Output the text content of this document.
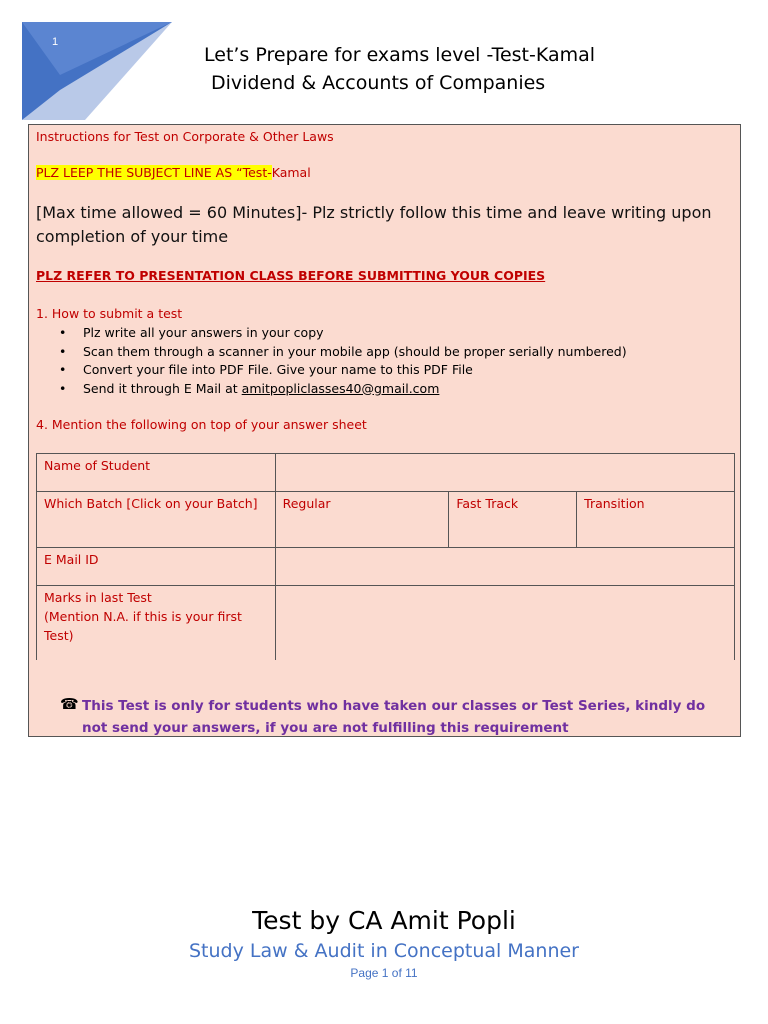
1
Let’s Prepare for exams level -Test-Kamal
Dividend & Accounts of Companies
Instructions for Test on Corporate & Other Laws
PLZ LEEP THE SUBJECT LINE AS “Test-Kamal
[Max time allowed = 60 Minutes]- Plz strictly follow this time and leave writing upon completion of your time
PLZ REFER TO PRESENTATION CLASS BEFORE SUBMITTING YOUR COPIES
1. How to submit a test
• Plz write all your answers in your copy
• Scan them through a scanner in your mobile app (should be proper serially numbered)
• Convert your file into PDF File. Give your name to this PDF File
• Send it through E Mail at amitpopliclasses40@gmail.com
4. Mention the following on top of your answer sheet
Name of Student			
Which Batch [Click on your Batch]	Regular	Fast Track	Transition
E Mail ID			
Marks in last Test
(Mention N.A. if this is your first Test)			
☎ This Test is only for students who have taken our classes or Test Series, kindly do not send your answers, if you are not fulfilling this requirement
Test by CA Amit Popli
Study Law & Audit in Conceptual Manner
Page 1 of 11
